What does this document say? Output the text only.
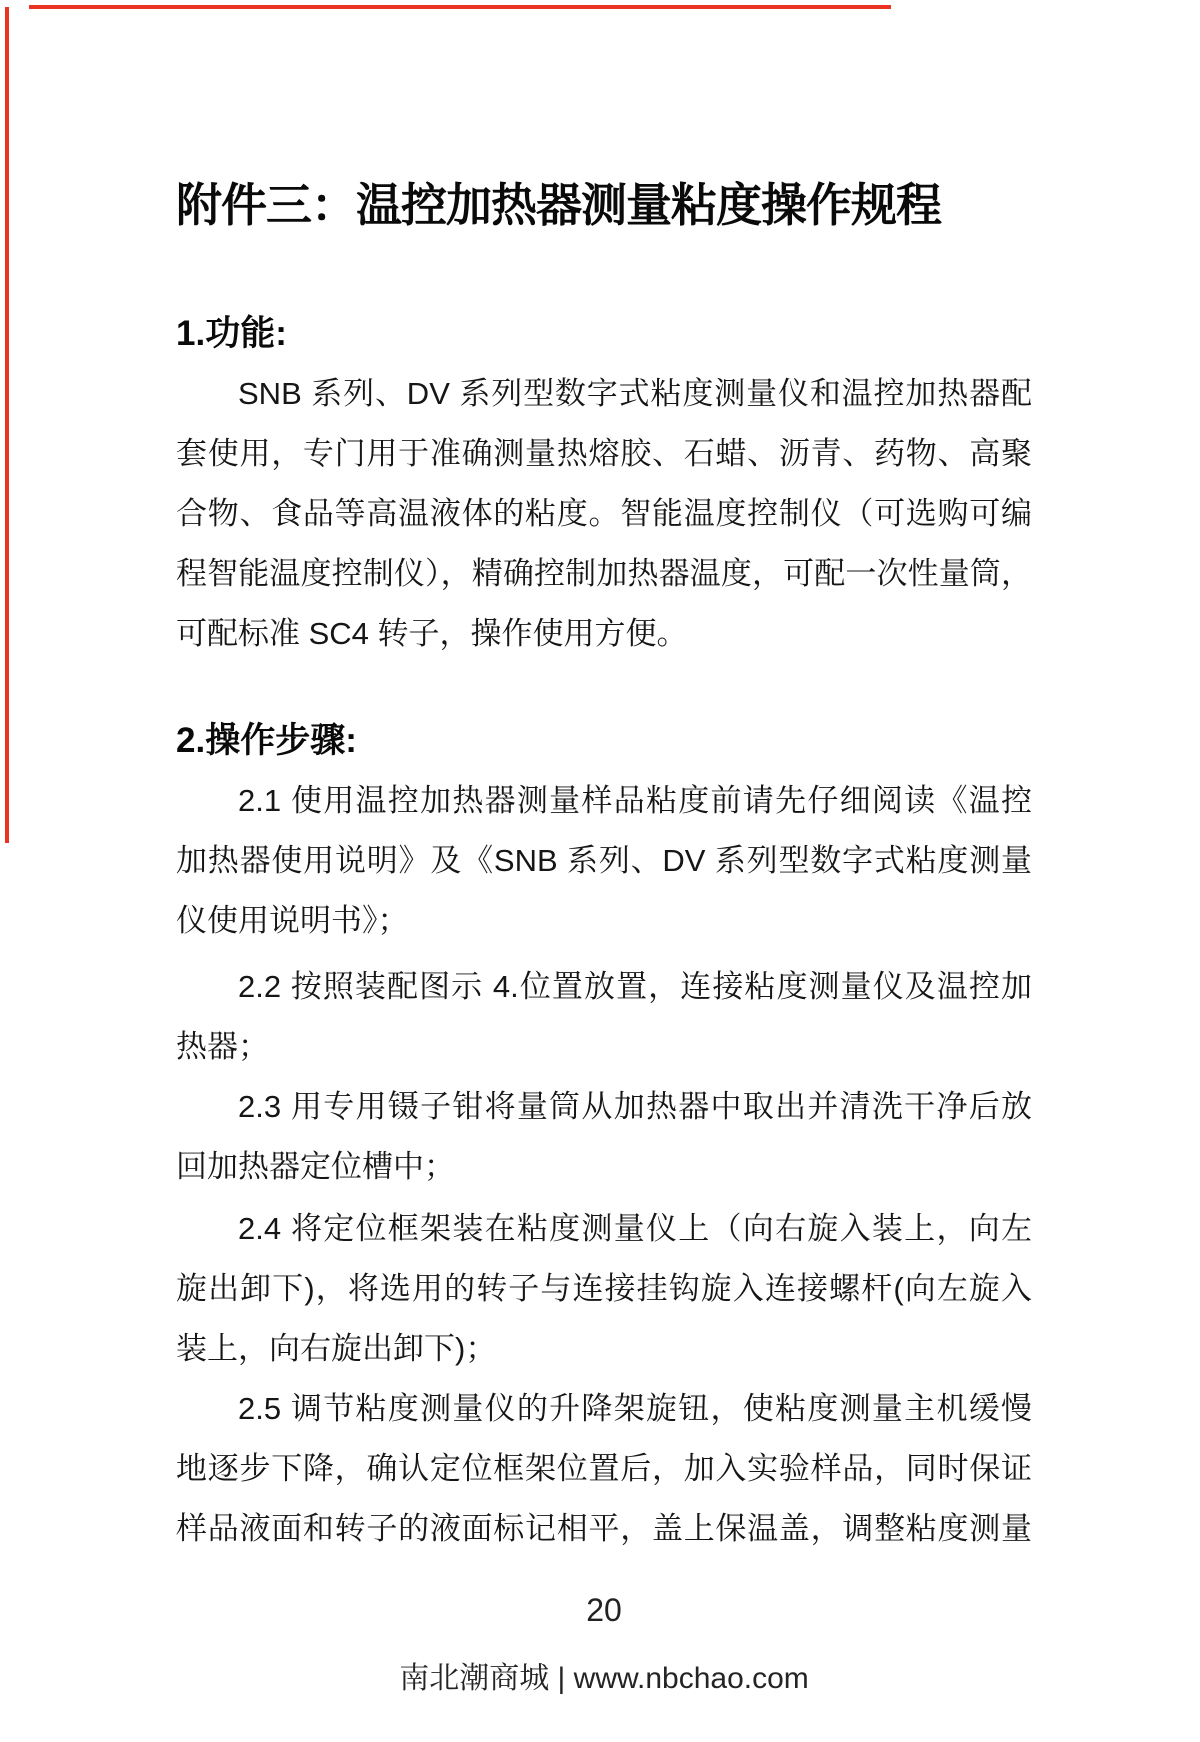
附件三：温控加热器测量粘度操作规程
1.功能:
SNB 系列、DV 系列型数字式粘度测量仪和温控加热器配
套使用，专门用于准确测量热熔胶、石蜡、沥青、药物、高聚
合物、食品等高温液体的粘度。智能温度控制仪（可选购可编
程智能温度控制仪），精确控制加热器温度，可配一次性量筒，
可配标准 SC4 转子，操作使用方便。
2.操作步骤:
2.1 使用温控加热器测量样品粘度前请先仔细阅读《温控
加热器使用说明》及《SNB 系列、DV 系列型数字式粘度测量
仪使用说明书》；
2.2 按照装配图示 4.位置放置，连接粘度测量仪及温控加
热器；
2.3 用专用镊子钳将量筒从加热器中取出并清洗干净后放
回加热器定位槽中；
2.4 将定位框架装在粘度测量仪上（向右旋入装上，向左
旋出卸下)，将选用的转子与连接挂钩旋入连接螺杆(向左旋入
装上，向右旋出卸下)；
2.5 调节粘度测量仪的升降架旋钮，使粘度测量主机缓慢
地逐步下降，确认定位框架位置后，加入实验样品，同时保证
样品液面和转子的液面标记相平，盖上保温盖，调整粘度测量
20
南北潮商城 | www.nbchao.com
